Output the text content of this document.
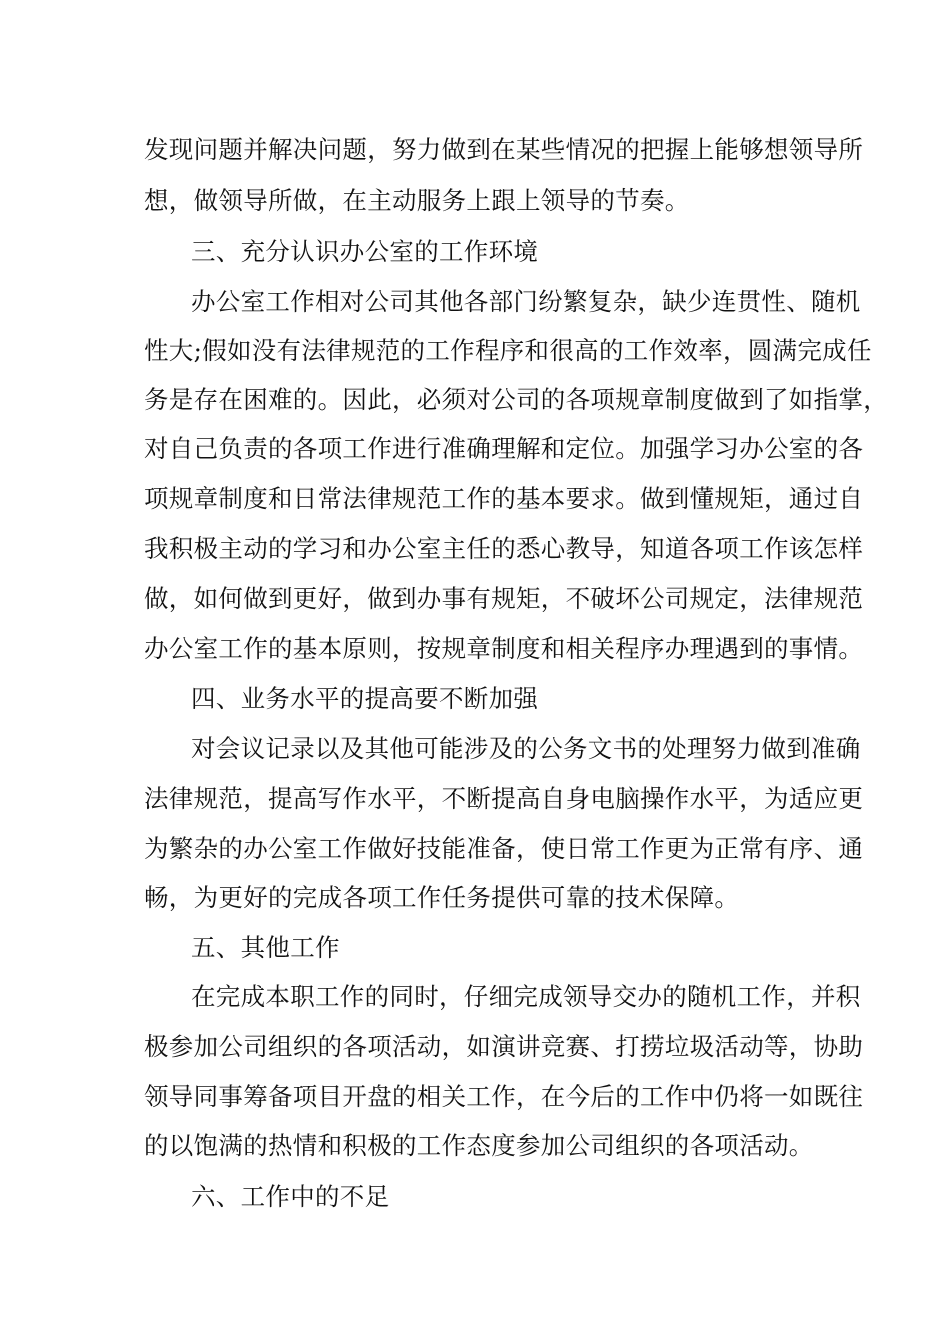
发现问题并解决问题，努力做到在某些情况的把握上能够想领导所
想，做领导所做，在主动服务上跟上领导的节奏。
三、充分认识办公室的工作环境
办公室工作相对公司其他各部门纷繁复杂，缺少连贯性、随机
性大;假如没有法律规范的工作程序和很高的工作效率，圆满完成任
务是存在困难的。因此，必须对公司的各项规章制度做到了如指掌，
对自己负责的各项工作进行准确理解和定位。加强学习办公室的各
项规章制度和日常法律规范工作的基本要求。做到懂规矩，通过自
我积极主动的学习和办公室主任的悉心教导，知道各项工作该怎样
做，如何做到更好，做到办事有规矩，不破坏公司规定，法律规范
办公室工作的基本原则，按规章制度和相关程序办理遇到的事情。
四、业务水平的提高要不断加强
对会议记录以及其他可能涉及的公务文书的处理努力做到准确
法律规范，提高写作水平，不断提高自身电脑操作水平，为适应更
为繁杂的办公室工作做好技能准备，使日常工作更为正常有序、通
畅，为更好的完成各项工作任务提供可靠的技术保障。
五、其他工作
在完成本职工作的同时，仔细完成领导交办的随机工作，并积
极参加公司组织的各项活动，如演讲竞赛、打捞垃圾活动等，协助
领导同事筹备项目开盘的相关工作，在今后的工作中仍将一如既往
的以饱满的热情和积极的工作态度参加公司组织的各项活动。
六、工作中的不足
